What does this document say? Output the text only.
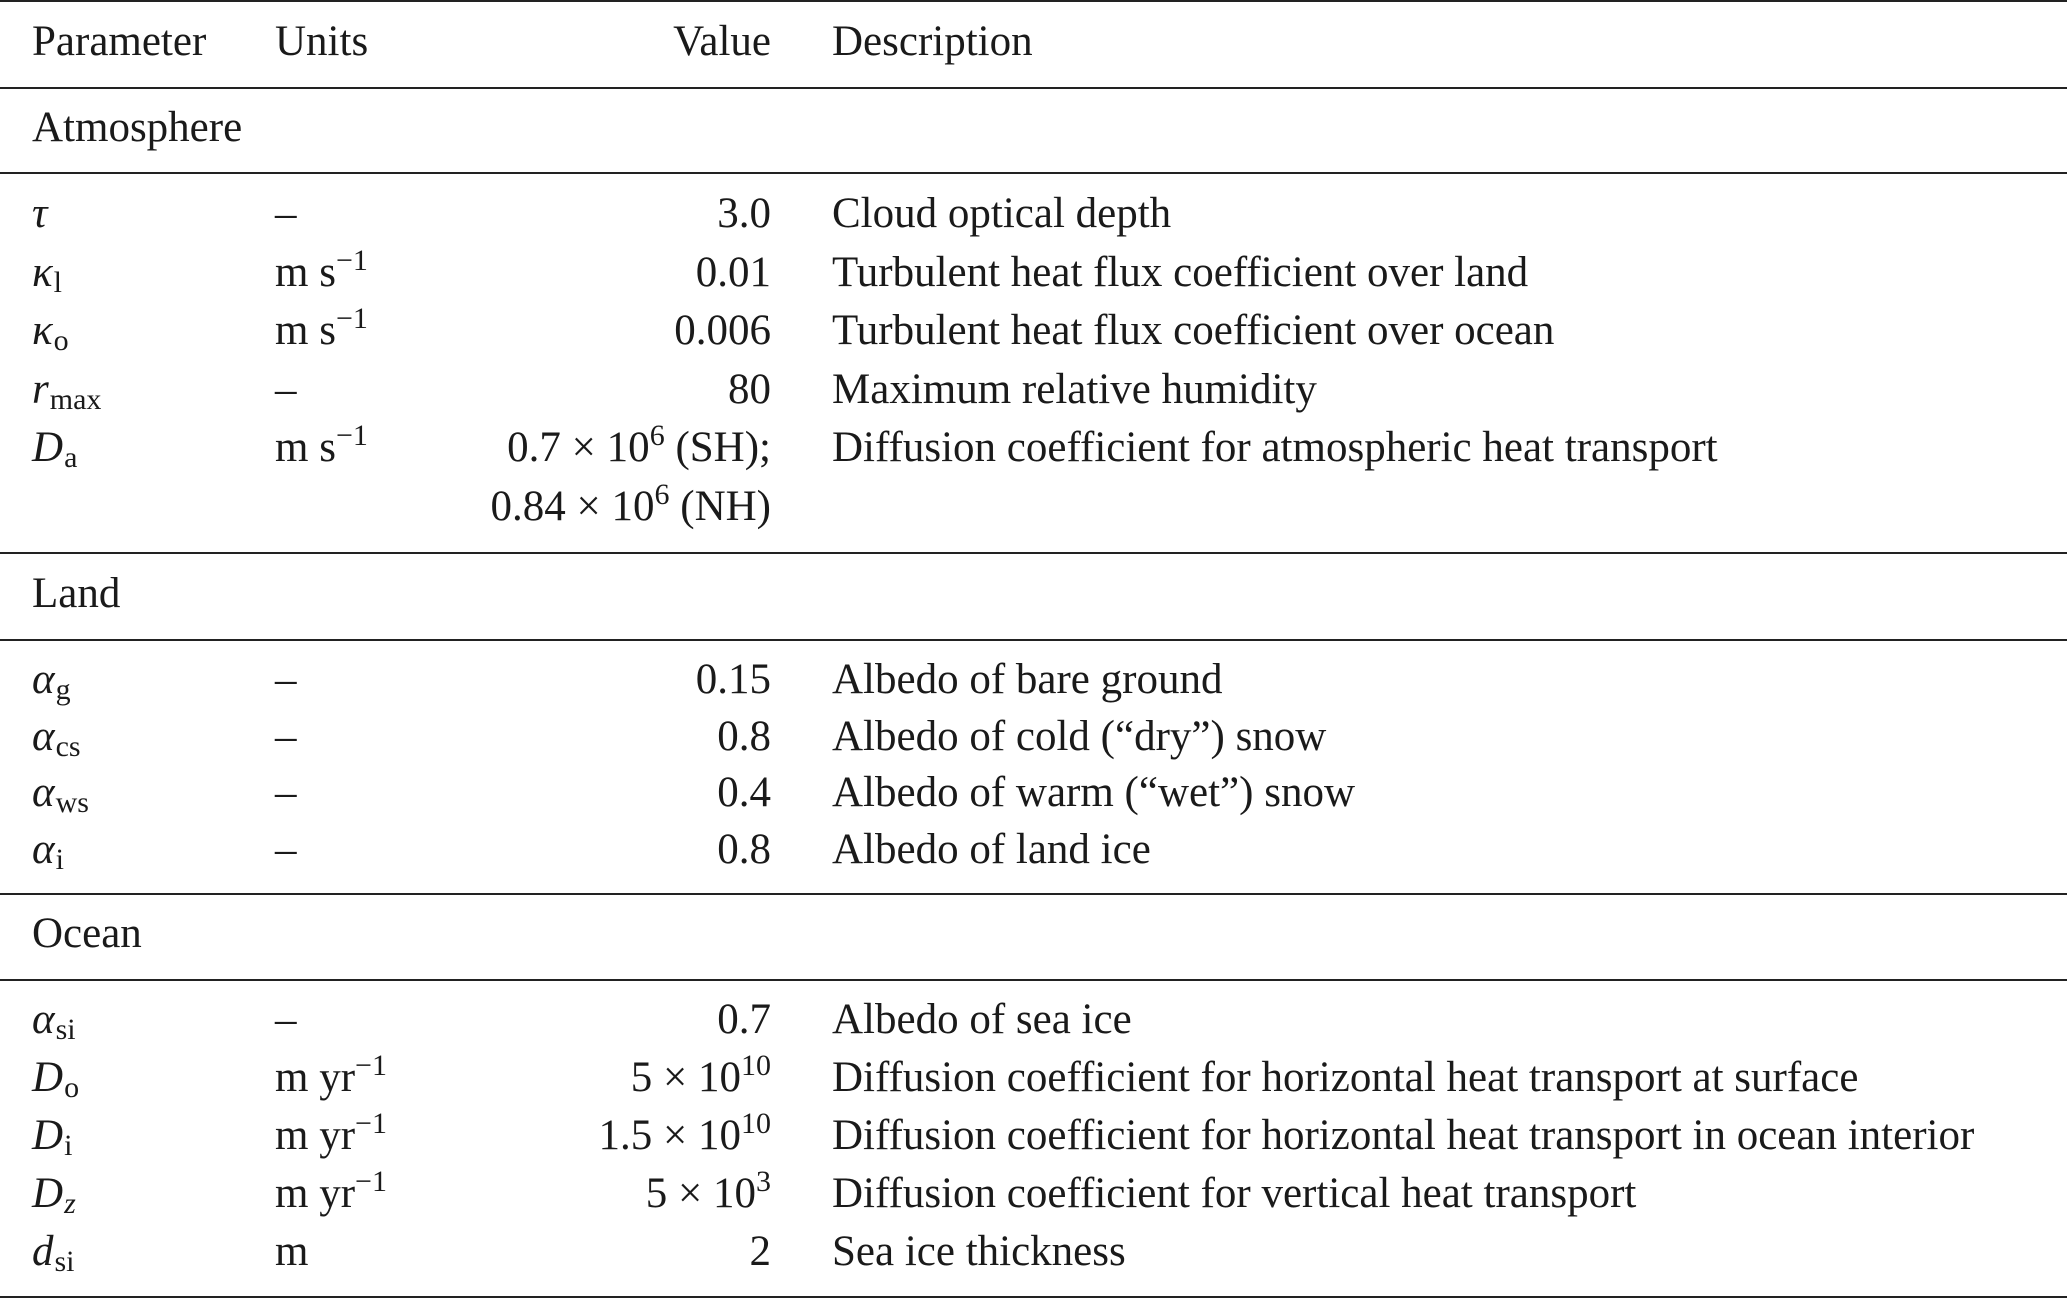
Parameter Units	Value Description
Atmosphere
τ	–	3.0 Cloud optical depth
$\kappa_l$	m $s^{-1}$	0.01 Turbulent heat flux coefficient over land
$\kappa_o$	m $s^{-1}$	0.006 Turbulent heat flux coefficient over ocean
$r_{max}$	–	80 Maximum relative humidity
$D_a$	m $s^{-1}$	$0.7 \times 10^6$ (SH); Diffusion coefficient for atmospheric heat transport
$0.84 \times 10^6$ (NH)
Land
$\alpha_g$	–	0.15 Albedo of bare ground
$\alpha_{cs}$	–	0.8 Albedo of cold (“dry”) snow
$\alpha_{ws}$	–	0.4 Albedo of warm (“wet”) snow
$\alpha_i$	–	0.8 Albedo of land ice
Ocean
$\alpha_{si}$	–	0.7 Albedo of sea ice
$D_o$	m $yr^{-1}$	$5 \times 10^{10}$ Diffusion coefficient for horizontal heat transport at surface
$D_i$	m $yr^{-1}$	$1.5 \times 10^{10}$ Diffusion coefficient for horizontal heat transport in ocean interior
$D_z$	m $yr^{-1}$	$5 \times 10^3$ Diffusion coefficient for vertical heat transport
$d_{si}$	m	2 Sea ice thickness
